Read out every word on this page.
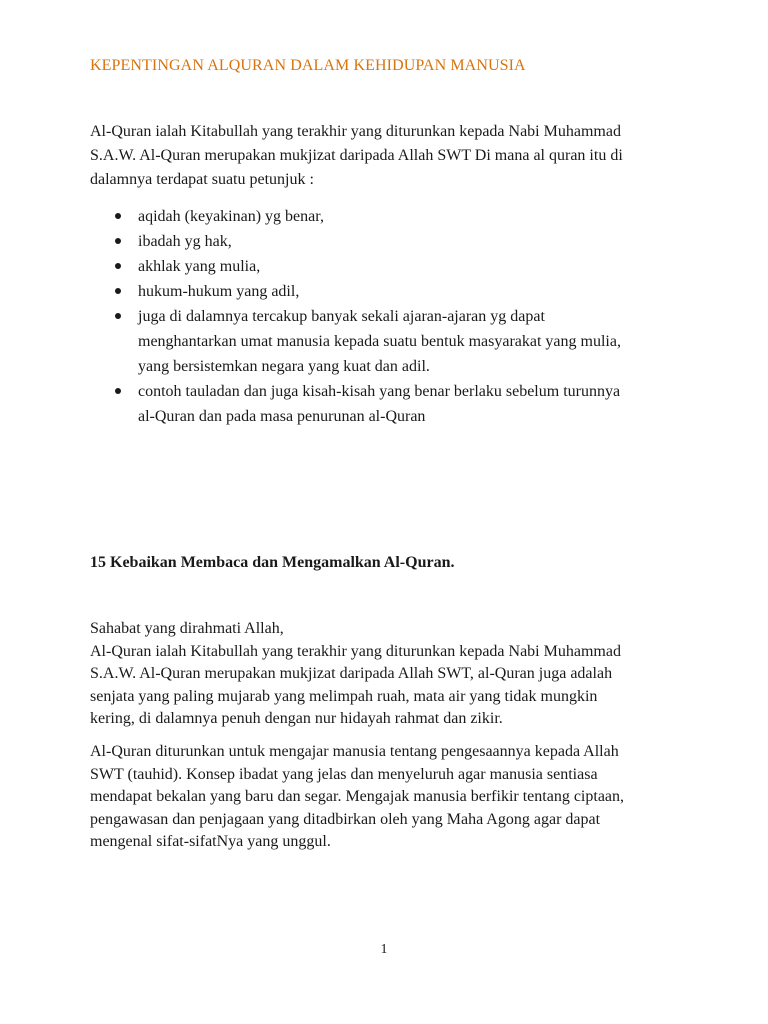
KEPENTINGAN ALQURAN DALAM KEHIDUPAN MANUSIA

Al-Quran ialah Kitabullah yang terakhir yang diturunkan kepada Nabi Muhammad
S.A.W. Al-Quran merupakan mukjizat daripada Allah SWT Di mana al quran itu di
dalamnya terdapat suatu petunjuk :

aqidah (keyakinan) yg benar,
ibadah yg hak,
akhlak yang mulia,
hukum-hukum yang adil,
juga di dalamnya tercakup banyak sekali ajaran-ajaran yg dapat
menghantarkan umat manusia kepada suatu bentuk masyarakat yang mulia,
yang bersistemkan negara yang kuat dan adil.
contoh tauladan dan juga kisah-kisah yang benar berlaku sebelum turunnya
al-Quran dan pada masa penurunan al-Quran
15 Kebaikan Membaca dan Mengamalkan Al-Quran.

Sahabat yang dirahmati Allah,
Al-Quran ialah Kitabullah yang terakhir yang diturunkan kepada Nabi Muhammad
S.A.W. Al-Quran merupakan mukjizat daripada Allah SWT, al-Quran juga adalah
senjata yang paling mujarab yang melimpah ruah, mata air yang tidak mungkin
kering, di dalamnya penuh dengan nur hidayah rahmat dan zikir.

Al-Quran diturunkan untuk mengajar manusia tentang pengesaannya kepada Allah
SWT (tauhid). Konsep ibadat yang jelas dan menyeluruh agar manusia sentiasa
mendapat bekalan yang baru dan segar. Mengajak manusia berfikir tentang ciptaan,
pengawasan dan penjagaan yang ditadbirkan oleh yang Maha Agong agar dapat
mengenal sifat-sifatNya yang unggul.

1
